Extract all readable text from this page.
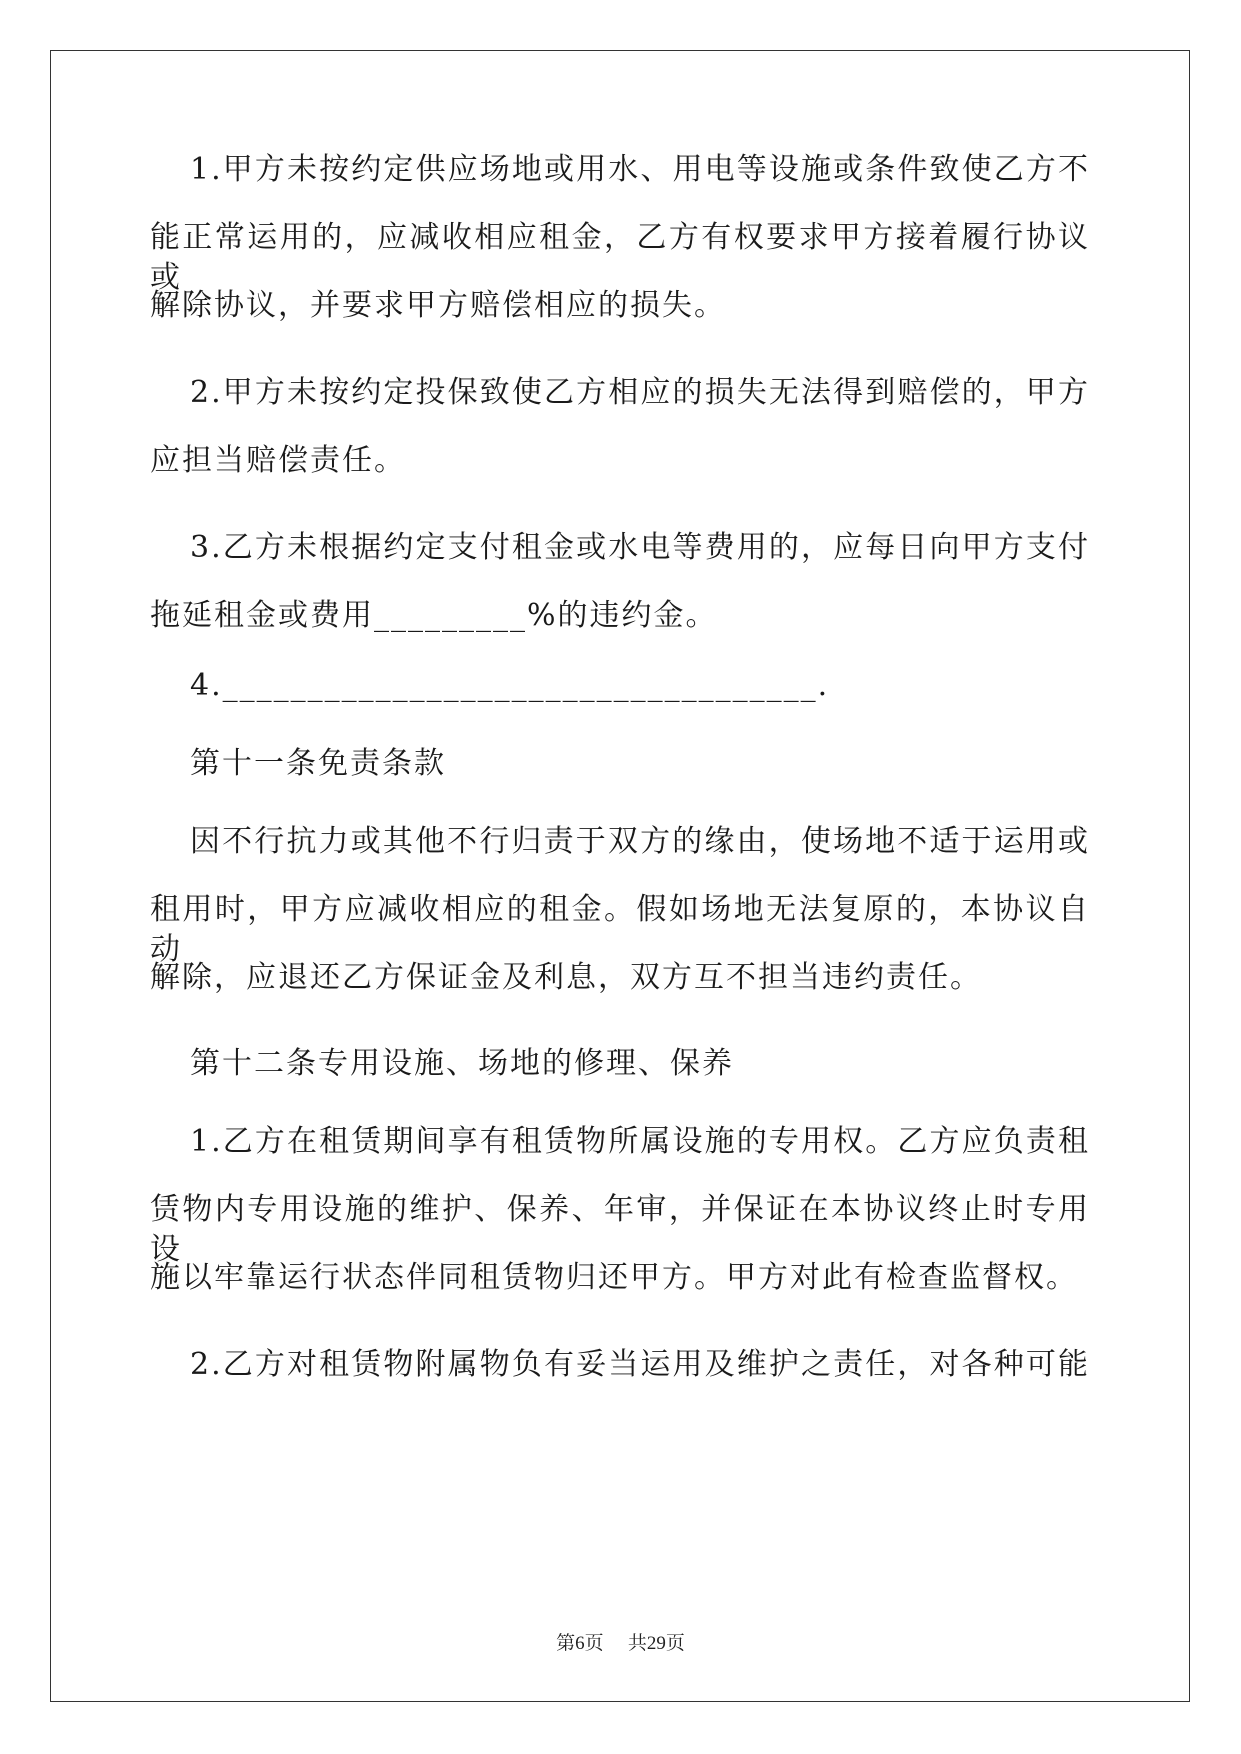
1.甲方未按约定供应场地或用水、用电等设施或条件致使乙方不
能正常运用的，应减收相应租金，乙方有权要求甲方接着履行协议或
解除协议，并要求甲方赔偿相应的损失。
2.甲方未按约定投保致使乙方相应的损失无法得到赔偿的，甲方
应担当赔偿责任。
3.乙方未根据约定支付租金或水电等费用的，应每日向甲方支付
拖延租金或费用_________%的违约金。
4.___________________________________.
第十一条免责条款
因不行抗力或其他不行归责于双方的缘由，使场地不适于运用或
租用时，甲方应减收相应的租金。假如场地无法复原的，本协议自动
解除，应退还乙方保证金及利息，双方互不担当违约责任。
第十二条专用设施、场地的修理、保养
1.乙方在租赁期间享有租赁物所属设施的专用权。乙方应负责租
赁物内专用设施的维护、保养、年审，并保证在本协议终止时专用设
施以牢靠运行状态伴同租赁物归还甲方。甲方对此有检查监督权。
2.乙方对租赁物附属物负有妥当运用及维护之责任，对各种可能
第6页 共29页
